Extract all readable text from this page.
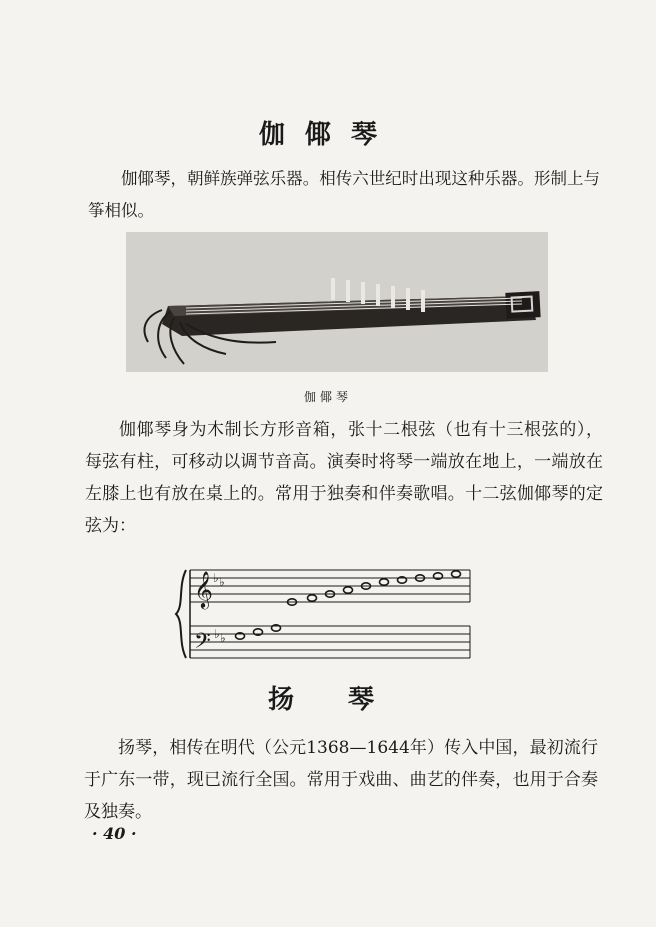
伽倻琴

伽倻琴，朝鲜族弹弦乐器。相传六世纪时出现这种乐器。形制上与筝相似。

伽倻琴

伽倻琴身为木制长方形音箱，张十二根弦（也有十三根弦的），每弦有柱，可移动以调节音高。演奏时将琴一端放在地上，一端放在左膝上也有放在桌上的。常用于独奏和伴奏歌唱。十二弦伽倻琴的定弦为：

𝄞 ♭ ♭
𝄢 ♭ ♭
扬琴

扬琴，相传在明代（公元1368—1644年）传入中国，最初流行于广东一带，现已流行全国。常用于戏曲、曲艺的伴奏，也用于合奏及独奏。

· 40 ·
